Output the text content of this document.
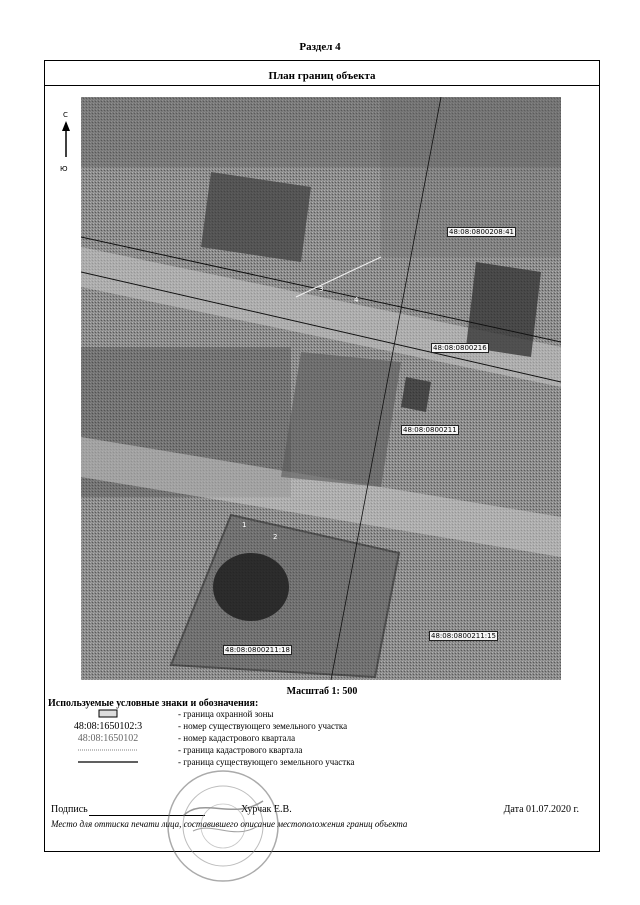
Раздел 4
План границ объекта
48:08:0800208:41
48:08:0800216
48:08:0800211
48:08:0800211:18
48:08:0800211:15
3
4
1
2
С
Ю
Масштаб 1: 500
Используемые условные знаки и обозначения:
- граница охранной зоны
48:08:1650102:3	- номер существующего земельного участка
48:08:1650102	- номер кадастрового квартала
- граница кадастрового квартала
- граница существующего земельного участка
Подпись	Хурчак Е.В.	Дата 01.07.2020 г.
Место для оттиска печати лица, составившего описание местоположения границ объекта
